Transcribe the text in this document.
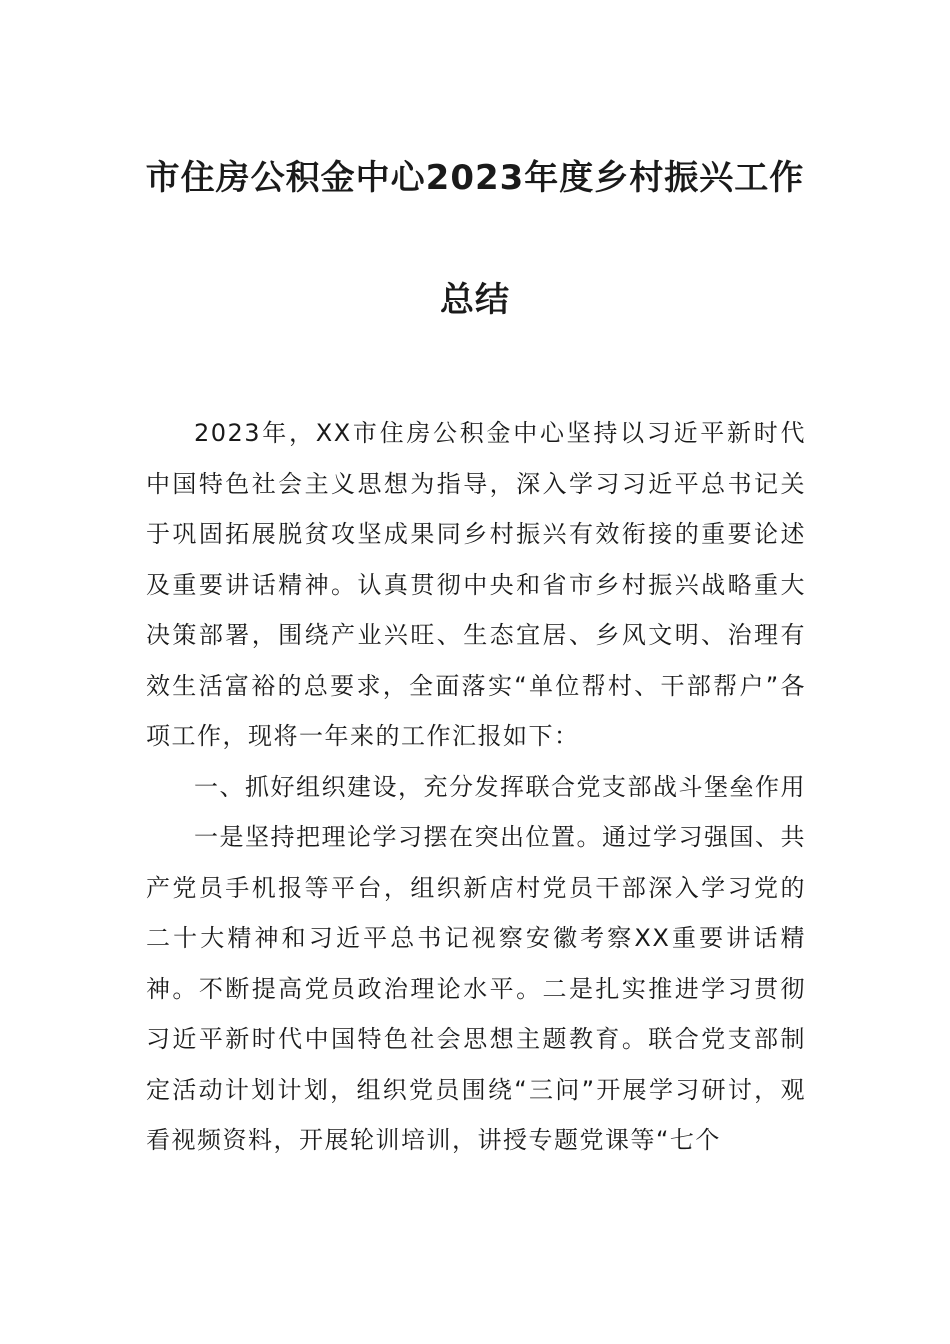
市住房公积金中心2023年度乡村振兴工作
总结

2023年，XX市住房公积金中心坚持以习近平新时代中国特色社会主义思想为指导，深入学习习近平总书记关于巩固拓展脱贫攻坚成果同乡村振兴有效衔接的重要论述及重要讲话精神。认真贯彻中央和省市乡村振兴战略重大决策部署，围绕产业兴旺、生态宜居、乡风文明、治理有效生活富裕的总要求，全面落实“单位帮村、干部帮户”各项工作，现将一年来的工作汇报如下：

一、抓好组织建设，充分发挥联合党支部战斗堡垒作用

一是坚持把理论学习摆在突出位置。通过学习强国、共产党员手机报等平台，组织新店村党员干部深入学习党的二十大精神和习近平总书记视察安徽考察XX重要讲话精神。不断提高党员政治理论水平。二是扎实推进学习贯彻习近平新时代中国特色社会思想主题教育。联合党支部制定活动计划计划，组织党员围绕“三问”开展学习研讨，观看视频资料，开展轮训培训，讲授专题党课等“七个
